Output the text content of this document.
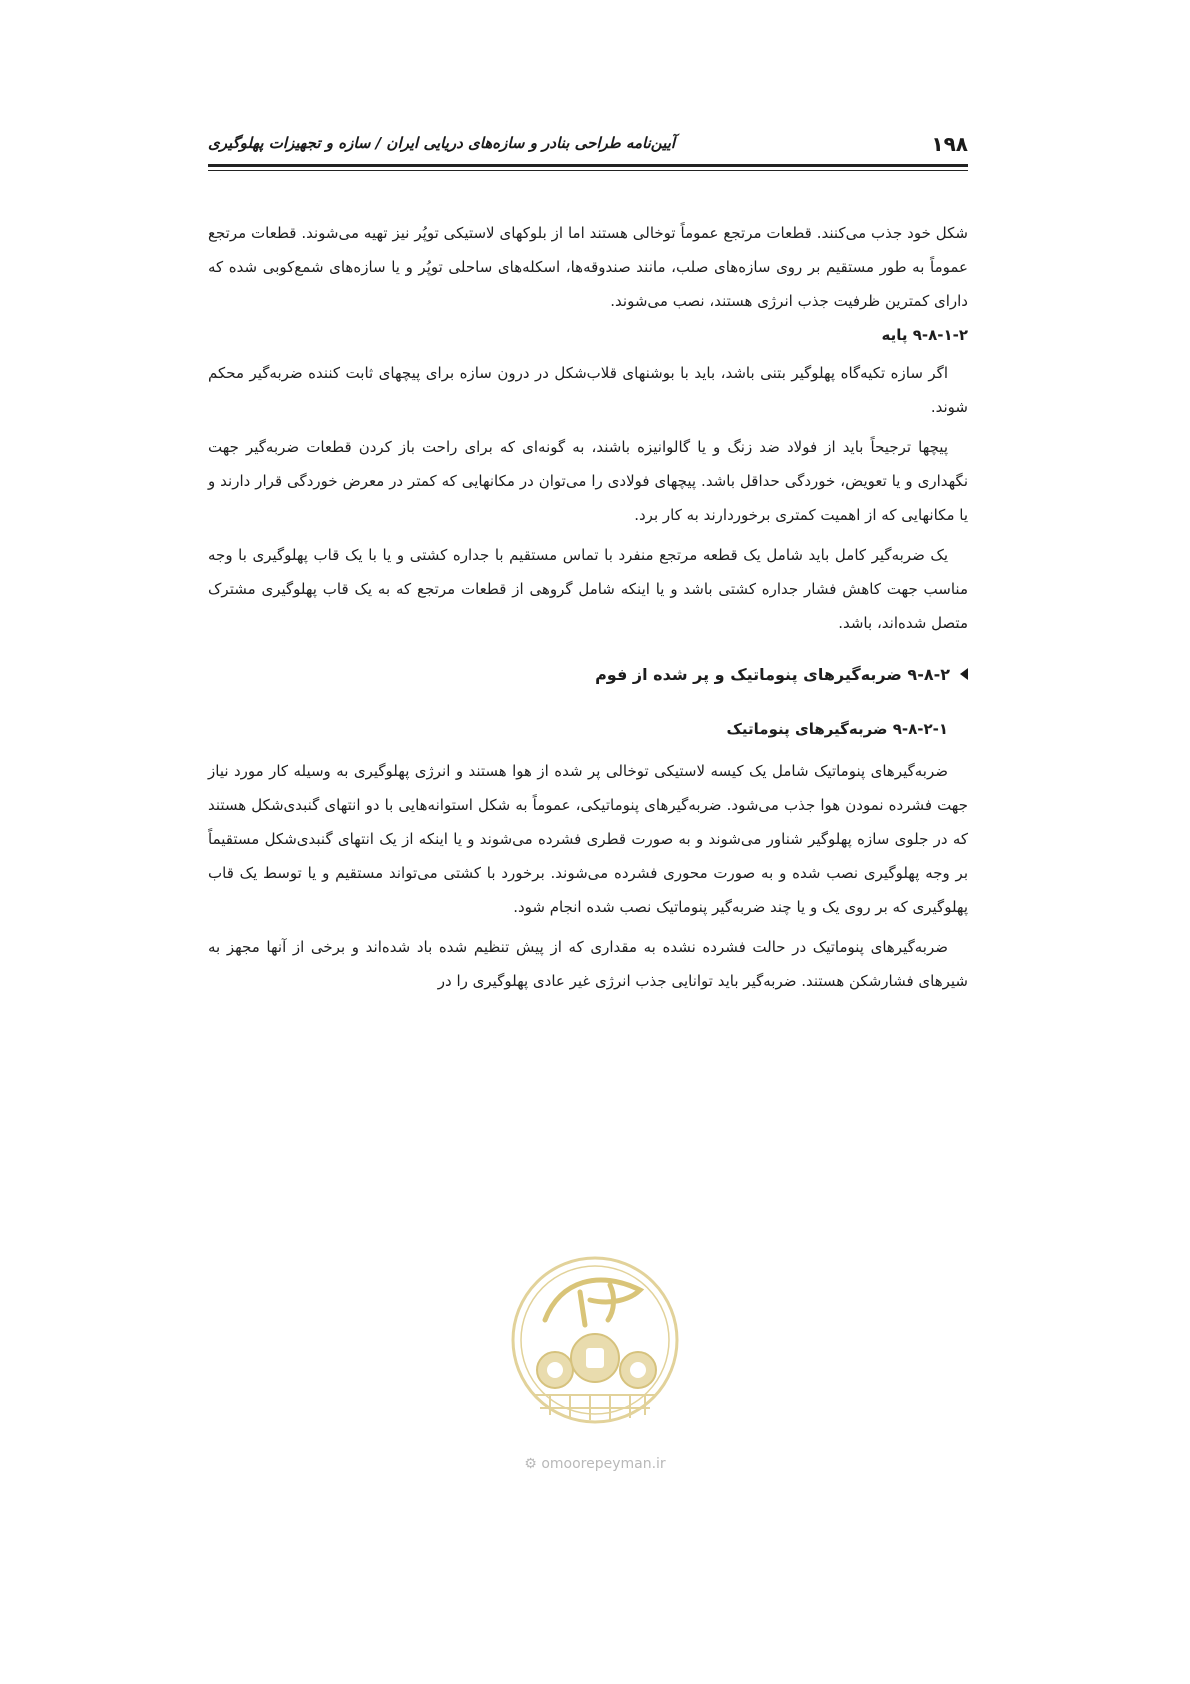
۱۹۸
آیین‌نامه طراحی بنادر و سازه‌های دریایی ایران / سازه و تجهیزات پهلوگیری

شکل خود جذب می‌کنند. قطعات مرتجع عموماً توخالی هستند اما از بلوکهای لاستیکی توپُر نیز تهیه می‌شوند. قطعات مرتجع عموماً به طور مستقیم بر روی سازه‌های صلب، مانند صندوقه‌ها، اسکله‌های ساحلی توپُر و یا سازه‌های شمع‌کوبی شده که دارای کمترین ظرفیت جذب انرژی هستند، نصب می‌شوند.

۹-۸-۱-۲ پایه

اگر سازه تکیه‌گاه پهلوگیر بتنی باشد، باید با بوشنهای قلاب‌شکل در درون سازه برای پیچهای ثابت کننده ضربه‌گیر محکم شوند.

پیچها ترجیحاً باید از فولاد ضد زنگ و یا گالوانیزه باشند، به گونه‌ای که برای راحت باز کردن قطعات ضربه‌گیر جهت نگهداری و یا تعویض، خوردگی حداقل باشد. پیچهای فولادی را می‌توان در مکانهایی که کمتر در معرض خوردگی قرار دارند و یا مکانهایی که از اهمیت کمتری برخوردارند به کار برد.

یک ضربه‌گیر کامل باید شامل یک قطعه مرتجع منفرد با تماس مستقیم با جداره کشتی و یا با یک قاب پهلوگیری با وجه مناسب جهت کاهش فشار جداره کشتی باشد و یا اینکه شامل گروهی از قطعات مرتجع که به یک قاب پهلوگیری مشترک متصل شده‌اند، باشد.

۹-۸-۲ ضربه‌گیرهای پنوماتیک و پر شده از فوم

۹-۸-۲-۱ ضربه‌گیرهای پنوماتیک

ضربه‌گیرهای پنوماتیک شامل یک کیسه لاستیکی توخالی پر شده از هوا هستند و انرژی پهلوگیری به وسیله کار مورد نیاز جهت فشرده نمودن هوا جذب می‌شود. ضربه‌گیرهای پنوماتیکی، عموماً به شکل استوانه‌هایی با دو انتهای گنبدی‌شکل هستند که در جلوی سازه پهلوگیر شناور می‌شوند و به صورت قطری فشرده می‌شوند و یا اینکه از یک انتهای گنبدی‌شکل مستقیماً بر وجه پهلوگیری نصب شده و به صورت محوری فشرده می‌شوند. برخورد با کشتی می‌تواند مستقیم و یا توسط یک قاب پهلوگیری که بر روی یک و یا چند ضربه‌گیر پنوماتیک نصب شده انجام شود.

ضربه‌گیرهای پنوماتیک در حالت فشرده نشده به مقداری که از پیش تنظیم شده باد شده‌اند و برخی از آنها مجهز به شیرهای فشارشکن هستند. ضربه‌گیر باید توانایی جذب انرژی غیر عادی پهلوگیری را در

⚙ omoorepeyman.ir
